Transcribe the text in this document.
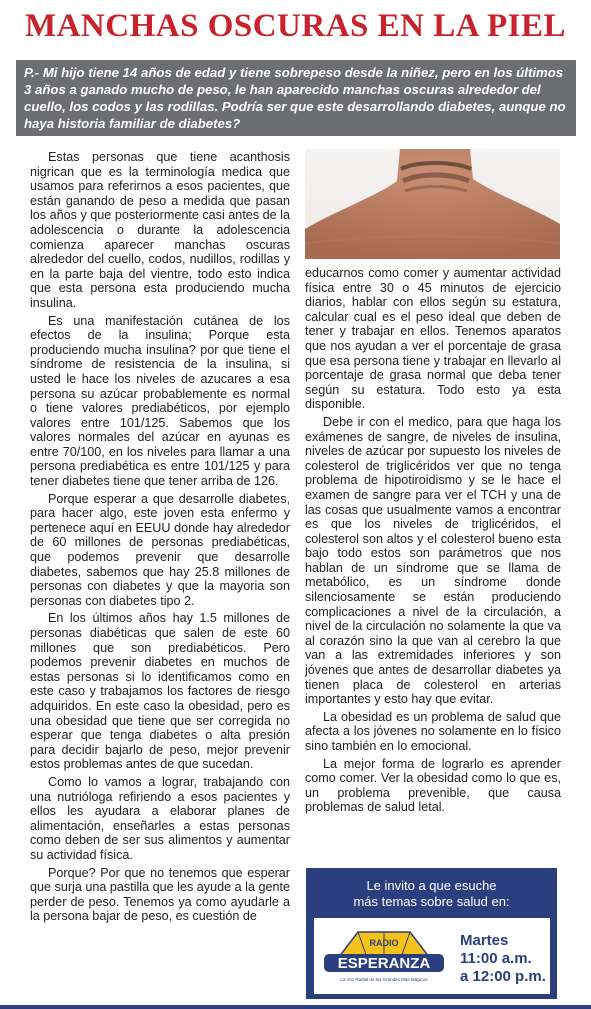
MANCHAS OSCURAS EN LA PIEL
P.- Mi hijo tiene 14 años de edad y tiene sobrepeso desde la niñez, pero en los últimos 3 años a ganado mucho de peso, le han aparecido manchas oscuras alrededor del cuello, los codos y las rodillas. Podría ser que este desarrollando diabetes, aunque no haya historia familiar de diabetes?

Estas personas que tiene acanthosis nigrican que es la terminología medica que usamos para referirnos a esos pacientes, que están ganando de peso a medida que pasan los años y que posteriormente casi antes de la adolescencia o durante la adolescencia comienza aparecer manchas oscuras alrededor del cuello, codos, nudillos, rodillas y en la parte baja del vientre, todo esto indica que esta persona esta produciendo mucha insulina.

Es una manifestación cutánea de los efectos de la insulina; Porque esta produciendo mucha insulina? por que tiene el síndrome de resistencia de la insulina, si usted le hace los niveles de azucares a esa persona su azúcar probablemente es normal o tiene valores prediabéticos, por ejemplo valores entre 101/125. Sabemos que los valores normales del azúcar en ayunas es entre 70/100, en los niveles para llamar a una persona prediabética es entre 101/125 y para tener diabetes tiene que tener arriba de 126.

Porque esperar a que desarrolle diabetes, para hacer algo, este joven esta enfermo y pertenece aquí en EEUU donde hay alrededor de 60 millones de personas prediabéticas, que podemos prevenir que desarrolle diabetes, sabemos que hay 25.8 millones de personas con diabetes y que la mayoria son personas con diabetes tipo 2.

En los últimos años hay 1.5 millones de personas diabéticas que salen de este 60 millones que son prediabéticos. Pero podemos prevenir diabetes en muchos de estas personas si lo identificamos como en este caso y trabajamos los factores de riesgo adquiridos. En este caso la obesidad, pero es una obesidad que tiene que ser corregida no esperar que tenga diabetes o alta presión para decidir bajarlo de peso, mejor prevenir estos problemas antes de que sucedan.

Como lo vamos a lograr, trabajando con una nutrióloga refiriendo a esos pacientes y ellos les ayudara a elaborar planes de alimentación, enseñarles a estas personas como deben de ser sus alimentos y aumentar su actividad física.

Porque? Por que no tenemos que esperar que surja una pastilla que les ayude a la gente perder de peso. Tenemos ya como ayudarle a la persona bajar de peso, es cuestión de

educarnos como comer y aumentar actividad física entre 30 o 45 minutos de ejercicio diarios, hablar con ellos según su estatura, calcular cual es el peso ideal que deben de tener y trabajar en ellos. Tenemos aparatos que nos ayudan a ver el porcentaje de grasa que esa persona tiene y trabajar en llevarlo al porcentaje de grasa normal que deba tener según su estatura. Todo esto ya esta disponible.

Debe ir con el medico, para que haga los exámenes de sangre, de niveles de insulina, niveles de azúcar por supuesto los niveles de colesterol de triglicéridos ver que no tenga problema de hipotiroidismo y se le hace el examen de sangre para ver el TCH y una de las cosas que usualmente vamos a encontrar es que los niveles de triglicéridos, el colesterol son altos y el colesterol bueno esta bajo todo estos son parámetros que nos hablan de un síndrome que se llama de metabólico, es un síndrome donde silenciosamente se están produciendo complicaciones a nivel de la circulación, a nivel de la circulación no solamente la que va al corazón sino la que van al cerebro la que van a las extremidades inferiores y son jóvenes que antes de desarrollar diabetes ya tienen placa de colesterol en arterias importantes y esto hay que evitar.

La obesidad es un problema de salud que afecta a los jóvenes no solamente en lo físico sino también en lo emocional.

La mejor forma de lograrlo es aprender como comer. Ver la obesidad como lo que es, un problema prevenible, que causa problemas de salud letal.

Le invito a que esuche
más temas sobre salud en:
RADIO
ESPERANZA
La Voz Radial de los Grandes Más Mágicos
Martes
11:00 a.m.
a 12:00 p.m.
